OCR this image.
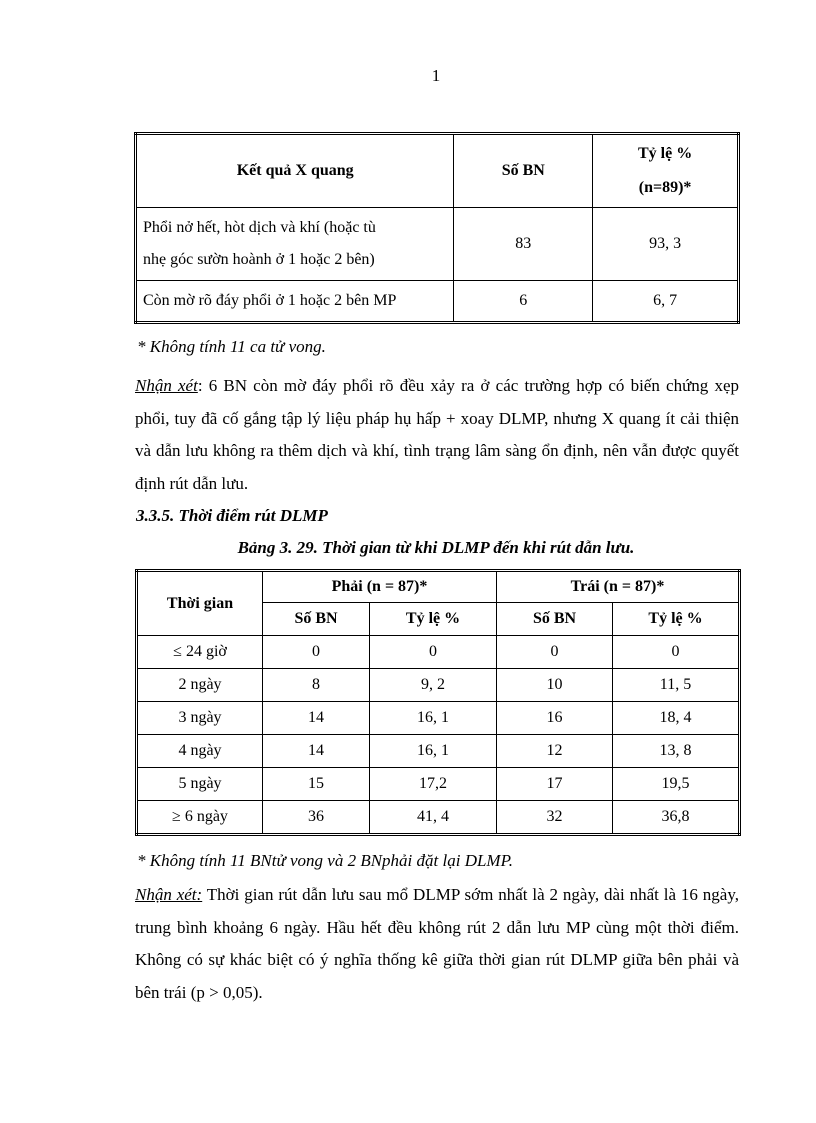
1
Kết quả X quang	Số BN	Tỷ lệ %
(n=89)*

Phổi nở hết, hòt dịch và khí (hoặc tù
nhẹ góc sườn hoành ở 1 hoặc 2 bên)	83	93, 3
Còn mờ rõ đáy phổi ở 1 hoặc 2 bên MP	6	6, 7
* Không tính 11 ca tử vong.
Nhận xét: 6 BN còn mờ đáy phổi rõ đều xảy ra ở các trường hợp có biến chứng xẹp phổi, tuy đã cố gắng tập lý liệu pháp hụ hấp + xoay DLMP, nhưng X quang ít cải thiện và dẫn lưu không ra thêm dịch và khí, tình trạng lâm sàng ổn định, nên vẫn được quyết định rút dẫn lưu.
3.3.5. Thời điểm rút DLMP
Bảng 3. 29. Thời gian từ khi DLMP đến khi rút dẫn lưu.
Thời gian	Phải (n = 87)*		Trái (n = 87)*	
	Số BN	Tỷ lệ %	Số BN	Tỷ lệ %
≤ 24 giờ	0	0	0	0
2 ngày	8	9, 2	10	11, 5
3 ngày	14	16, 1	16	18, 4
4 ngày	14	16, 1	12	13, 8
5 ngày	15	17,2	17	19,5
≥ 6 ngày	36	41, 4	32	36,8
* Không tính 11 BNtử vong và 2 BNphải đặt lại DLMP.
Nhận xét: Thời gian rút dẫn lưu sau mổ DLMP sớm nhất là 2 ngày, dài nhất là 16 ngày, trung bình khoảng 6 ngày. Hầu hết đều không rút 2 dẫn lưu MP cùng một thời điểm. Không có sự khác biệt có ý nghĩa thống kê giữa thời gian rút DLMP giữa bên phải và bên trái (p > 0,05).
